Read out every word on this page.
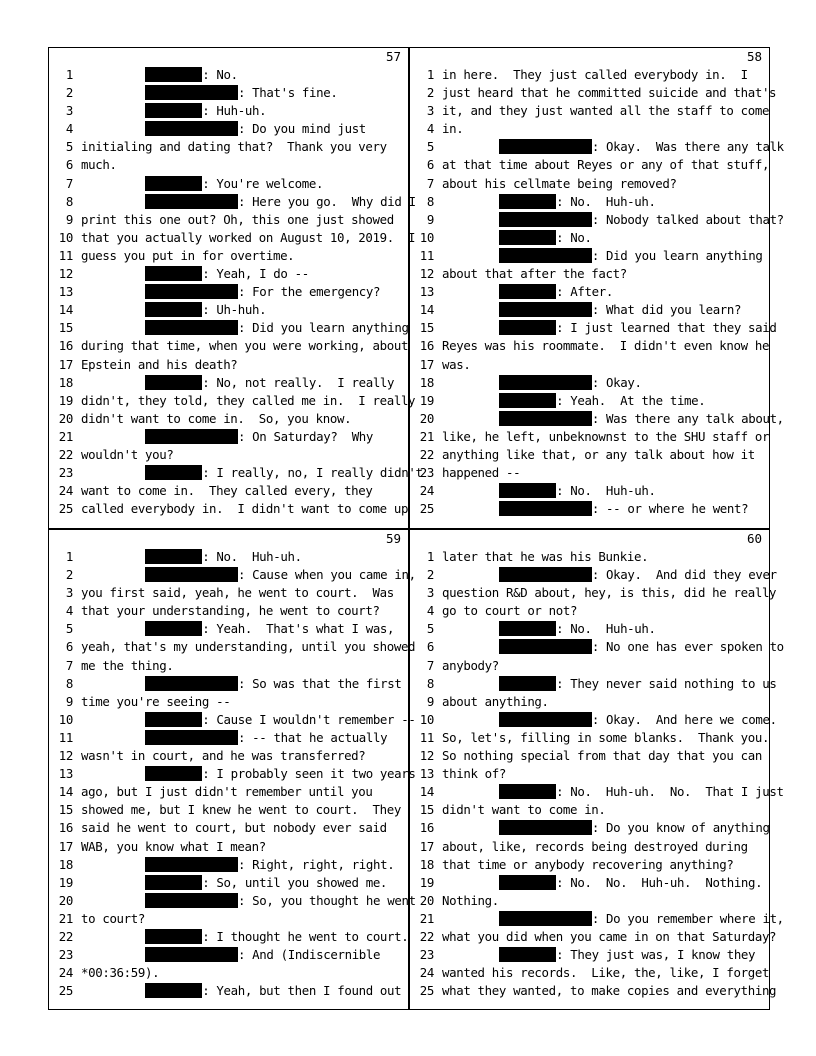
57
1	: No.
2	: That's fine.
3	: Huh-uh.
4	: Do you mind just
5 initialing and dating that?  Thank you very
6 much.
7	: You're welcome.
8	: Here you go.  Why did I
9 print this one out? Oh, this one just showed
10 that you actually worked on August 10, 2019.  I
11 guess you put in for overtime.
12	: Yeah, I do --
13	: For the emergency?
14	: Uh-huh.
15	: Did you learn anything
16 during that time, when you were working, about
17 Epstein and his death?
18	: No, not really.  I really
19 didn't, they told, they called me in.  I really
20 didn't want to come in.  So, you know.
21	: On Saturday?  Why
22 wouldn't you?
23	: I really, no, I really didn't
24 want to come in.  They called every, they
25 called everybody in.  I didn't want to come up
58
1 in here.  They just called everybody in.  I
2 just heard that he committed suicide and that's
3 it, and they just wanted all the staff to come
4 in.
5	: Okay.  Was there any talk
6 at that time about Reyes or any of that stuff,
7 about his cellmate being removed?
8	: No.  Huh-uh.
9	: Nobody talked about that?
10	: No.
11	: Did you learn anything
12 about that after the fact?
13	: After.
14	: What did you learn?
15	: I just learned that they said
16 Reyes was his roommate.  I didn't even know he
17 was.
18	: Okay.
19	: Yeah.  At the time.
20	: Was there any talk about,
21 like, he left, unbeknownst to the SHU staff or
22 anything like that, or any talk about how it
23 happened --
24	: No.  Huh-uh.
25	: -- or where he went?
59
1	: No.  Huh-uh.
2	: Cause when you came in,
3 you first said, yeah, he went to court.  Was
4 that your understanding, he went to court?
5	: Yeah.  That's what I was,
6 yeah, that's my understanding, until you showed
7 me the thing.
8	: So was that the first
9 time you're seeing --
10	: Cause I wouldn't remember --
11	: -- that he actually
12 wasn't in court, and he was transferred?
13	: I probably seen it two years
14 ago, but I just didn't remember until you
15 showed me, but I knew he went to court.  They
16 said he went to court, but nobody ever said
17 WAB, you know what I mean?
18	: Right, right, right.
19	: So, until you showed me.
20	: So, you thought he went
21 to court?
22	: I thought he went to court.
23	: And (Indiscernible
24 *00:36:59).
25	: Yeah, but then I found out
60
1 later that he was his Bunkie.
2	: Okay.  And did they ever
3 question R&D about, hey, is this, did he really
4 go to court or not?
5	: No.  Huh-uh.
6	: No one has ever spoken to
7 anybody?
8	: They never said nothing to us
9 about anything.
10	: Okay.  And here we come.
11 So, let's, filling in some blanks.  Thank you.
12 So nothing special from that day that you can
13 think of?
14	: No.  Huh-uh.  No.  That I just
15 didn't want to come in.
16	: Do you know of anything
17 about, like, records being destroyed during
18 that time or anybody recovering anything?
19	: No.  No.  Huh-uh.  Nothing.
20 Nothing.
21	: Do you remember where it,
22 what you did when you came in on that Saturday?
23	: They just was, I know they
24 wanted his records.  Like, the, like, I forget
25 what they wanted, to make copies and everything
